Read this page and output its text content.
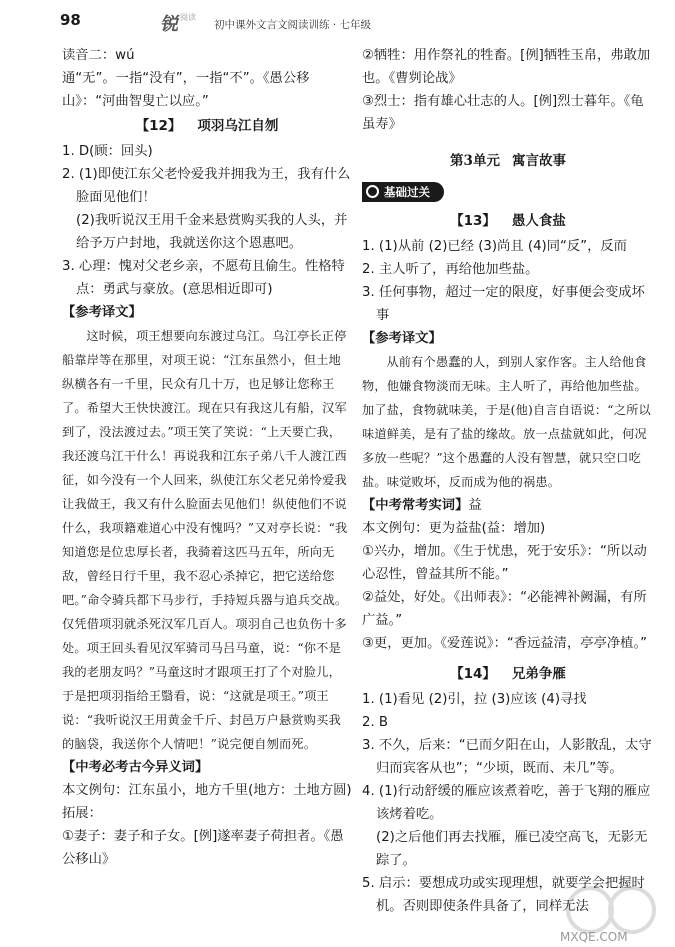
98	锐 阅读
初中课外文言文阅读训练 · 七年级

读音二：wú

通“无”。一指“没有”，一指“不”。《愚公移山》：“河曲智叟亡以应。”

【12】 项羽乌江自刎

1. D(顾：回头)

2. (1)即使江东父老怜爱我并拥我为王，我有什么脸面见他们！

(2)我听说汉王用千金来悬赏购买我的人头，并给予万户封地，我就送你这个恩惠吧。

3. 心理：愧对父老乡亲，不愿苟且偷生。性格特点：勇武与豪放。(意思相近即可)

【参考译文】

这时候，项王想要向东渡过乌江。乌江亭长正停船靠岸等在那里，对项王说：“江东虽然小，但土地纵横各有一千里，民众有几十万，也足够让您称王了。希望大王快快渡江。现在只有我这儿有船，汉军到了，没法渡过去。”项王笑了笑说：“上天要亡我，我还渡乌江干什么！再说我和江东子弟八千人渡江西征，如今没有一个人回来，纵使江东父老兄弟怜爱我让我做王，我又有什么脸面去见他们！纵使他们不说什么，我项籍难道心中没有愧吗？”又对亭长说：“我知道您是位忠厚长者，我骑着这匹马五年，所向无敌，曾经日行千里，我不忍心杀掉它，把它送给您吧。”命令骑兵都下马步行，手持短兵器与追兵交战。仅凭借项羽就杀死汉军几百人。项羽自己也负伤十多处。项王回头看见汉军骑司马吕马童，说：“你不是我的老朋友吗？”马童这时才跟项王打了个对脸儿，于是把项羽指给王翳看，说：“这就是项王。”项王说：“我听说汉王用黄金千斤、封邑万户悬赏购买我的脑袋，我送你个人情吧！”说完便自刎而死。

【中考必考古今异义词】

本文例句：江东虽小，地方千里(地方：土地方圆)

拓展：

①妻子：妻子和子女。[例]遂率妻子荷担者。《愚公移山》

②牺牲：用作祭礼的牲畜。[例]牺牲玉帛，弗敢加也。《曹刿论战》

③烈士：指有雄心壮志的人。[例]烈士暮年。《龟虽寿》

第3单元 寓言故事
基础过关
【13】 愚人食盐

1. (1)从前 (2)已经 (3)尚且 (4)同“反”，反而

2. 主人听了，再给他加些盐。

3. 任何事物，超过一定的限度，好事便会变成坏事

【参考译文】

从前有个愚蠢的人，到别人家作客。主人给他食物，他嫌食物淡而无味。主人听了，再给他加些盐。加了盐，食物就味美，于是(他)自言自语说：“之所以味道鲜美，是有了盐的缘故。放一点盐就如此，何况多放一些呢？”这个愚蠢的人没有智慧，就只空口吃盐。味觉败坏，反而成为他的祸患。

【中考常考实词】益

本文例句：更为益盐(益：增加)

①兴办，增加。《生于忧患，死于安乐》：“所以动心忍性，曾益其所不能。”

②益处，好处。《出师表》：“必能裨补阙漏，有所广益。”

③更，更加。《爱莲说》：“香远益清，亭亭净植。”

【14】 兄弟争雁

1. (1)看见 (2)引，拉 (3)应该 (4)寻找

2. B

3. 不久，后来：“已而夕阳在山，人影散乱，太守归而宾客从也”；“少顷，既而、未几”等。

4. (1)行动舒缓的雁应该煮着吃，善于飞翔的雁应该烤着吃。

(2)之后他们再去找雁，雁已凌空高飞，无影无踪了。

5. 启示：要想成功或实现理想，就要学会把握时机。否则即使条件具备了，同样无法

MXQE.COM
